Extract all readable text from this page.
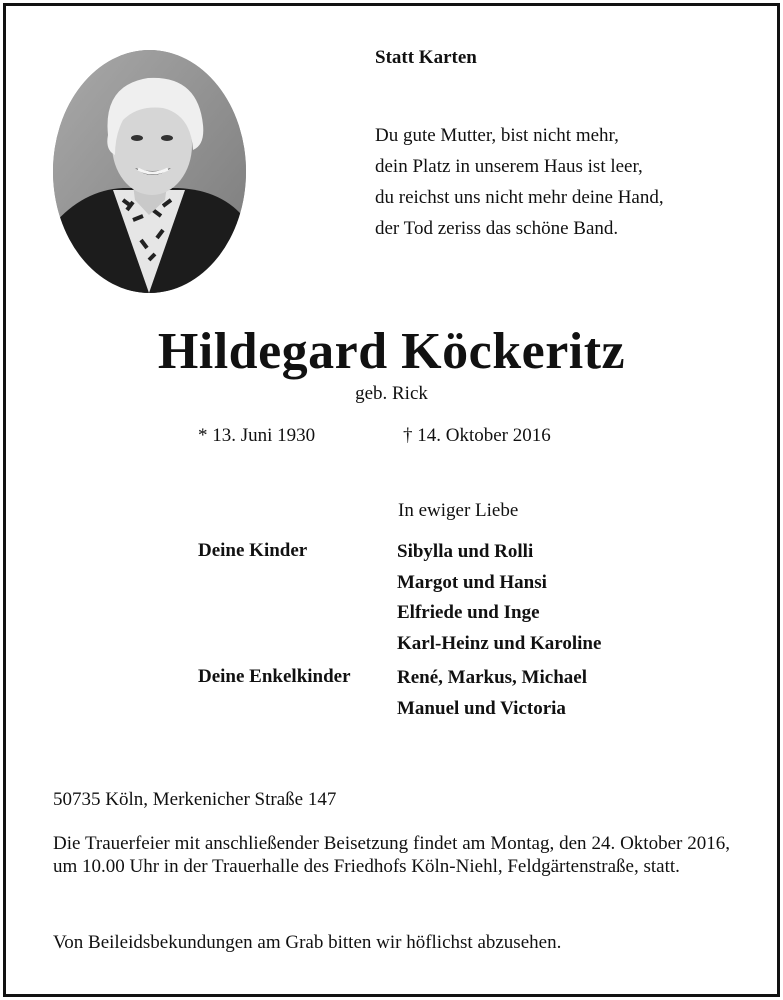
Statt Karten
Du gute Mutter, bist nicht mehr,
dein Platz in unserem Haus ist leer,
du reichst uns nicht mehr deine Hand,
der Tod zeriss das schöne Band.
Hildegard Köckeritz
geb. Rick
* 13. Juni 1930	† 14. Oktober 2016
In ewiger Liebe
Deine Kinder	Sibylla und Rolli
Margot und Hansi
Elfriede und Inge
Karl-Heinz und Karoline
Deine Enkelkinder René, Markus, Michael
Manuel und Victoria
50735 Köln, Merkenicher Straße 147
Die Trauerfeier mit anschließender Beisetzung findet am Montag, den 24. Oktober 2016, um 10.00 Uhr in der Trauerhalle des Friedhofs Köln-Niehl, Feldgärtenstraße, statt.
Von Beileidsbekundungen am Grab bitten wir höflichst abzusehen.
